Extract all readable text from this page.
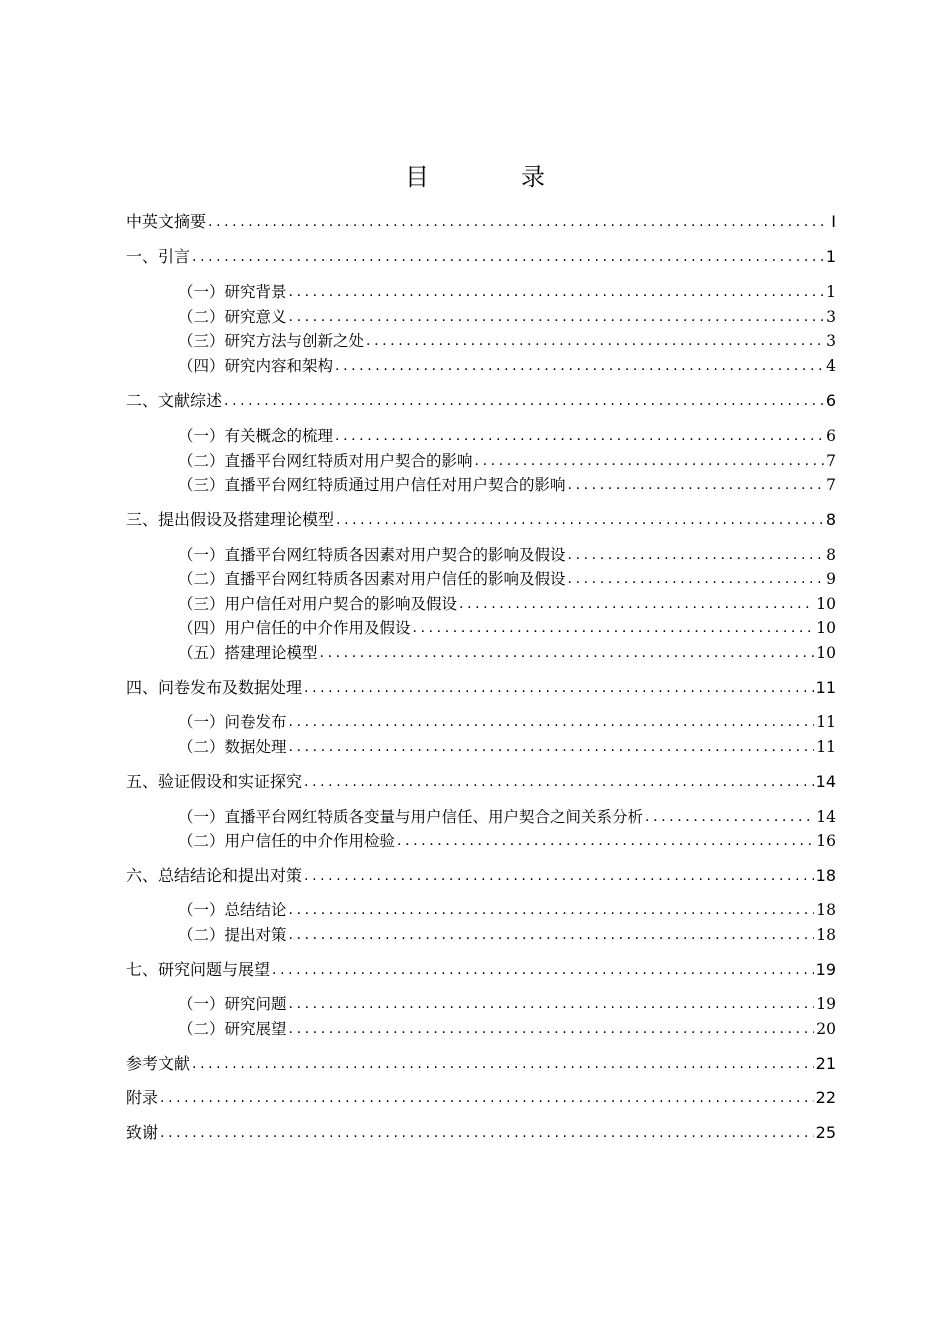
目　录
中英文摘要 .....	I
一、引言 .....	1
（一）研究背景 .....	1
（二）研究意义 .....	3
（三）研究方法与创新之处 .....	3
（四）研究内容和架构 .....	4
二、文献综述 .....	6
（一）有关概念的梳理 .....	6
（二）直播平台网红特质对用户契合的影响 .....	7
（三）直播平台网红特质通过用户信任对用户契合的影响 .....	7
三、提出假设及搭建理论模型 .....	8
（一）直播平台网红特质各因素对用户契合的影响及假设 .....	8
（二）直播平台网红特质各因素对用户信任的影响及假设 .....	9
（三）用户信任对用户契合的影响及假设 .....	10
（四）用户信任的中介作用及假设 .....	10
（五）搭建理论模型 .....	10
四、问卷发布及数据处理 .....	11
（一）问卷发布 .....	11
（二）数据处理 .....	11
五、验证假设和实证探究 .....	14
（一）直播平台网红特质各变量与用户信任、用户契合之间关系分析 .....	14
（二）用户信任的中介作用检验 .....	16
六、总结结论和提出对策 .....	18
（一）总结结论 .....	18
（二）提出对策 .....	18
七、研究问题与展望 .....	19
（一）研究问题 .....	19
（二）研究展望 .....	20
参考文献 .....	21
附录 .....	22
致谢 .....	25
